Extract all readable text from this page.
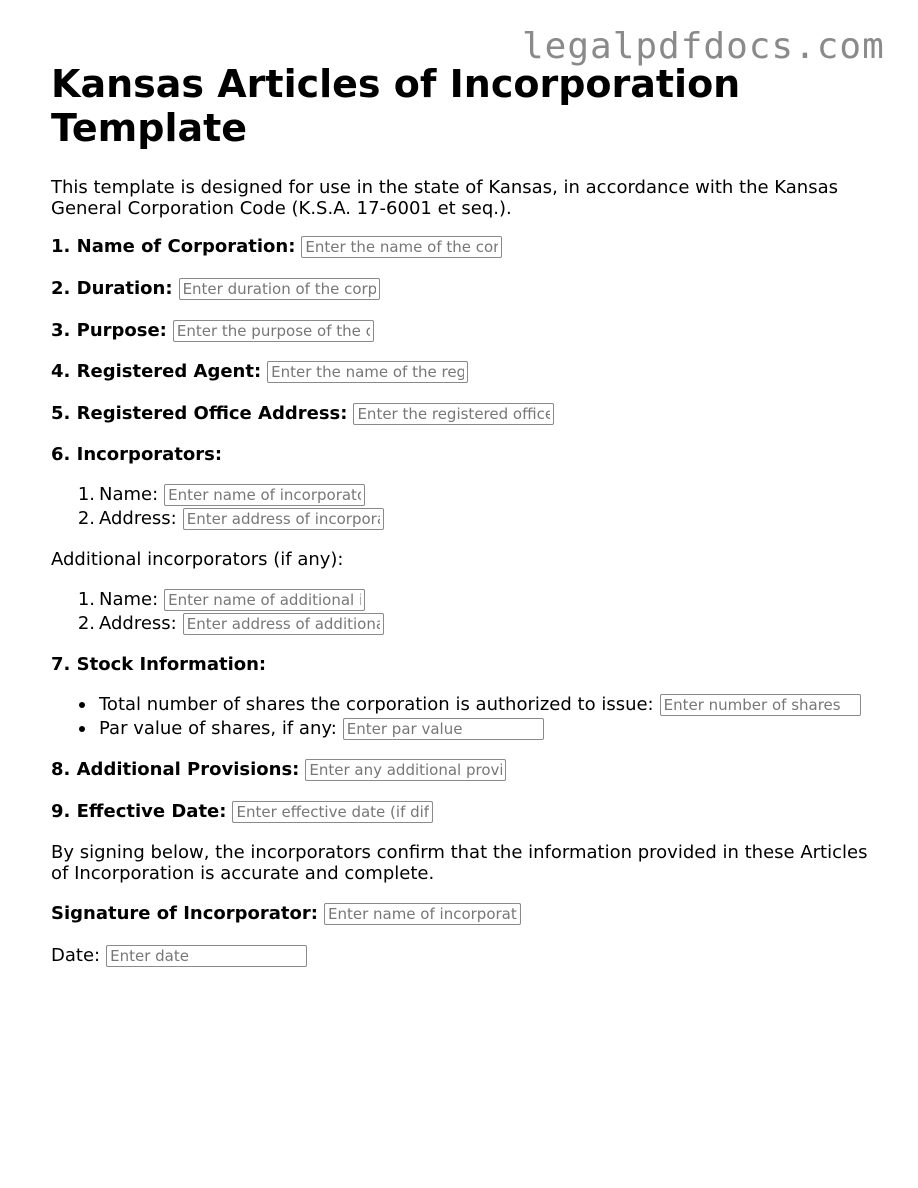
legalpdfdocs.com
Kansas Articles of Incorporation Template

This template is designed for use in the state of Kansas, in accordance with the Kansas General Corporation Code (K.S.A. 17-6001 et seq.).

1. Name of Corporation:
Enter the name of the corporation
2. Duration:
Enter duration of the corporation
3. Purpose:
Enter the purpose of the corporation
4. Registered Agent:
Enter the name of the registered agent
5. Registered Office Address:
Enter the registered office address
6. Incorporators:
1. Name:
Enter name of incorporator
2. Address:
Enter address of incorporator
Additional incorporators (if any):
1. Name:
Enter name of additional incorporator
2. Address:
Enter address of additional incorporator
7. Stock Information:
Total number of shares the corporation is authorized to issue:
Enter number of shares
Par value of shares, if any:
Enter par value
8. Additional Provisions:
Enter any additional provisions
9. Effective Date:
Enter effective date (if different)

By signing below, the incorporators confirm that the information provided in these Articles of Incorporation is accurate and complete.

Signature of Incorporator:
Enter name of incorporator
Date:
Enter date
